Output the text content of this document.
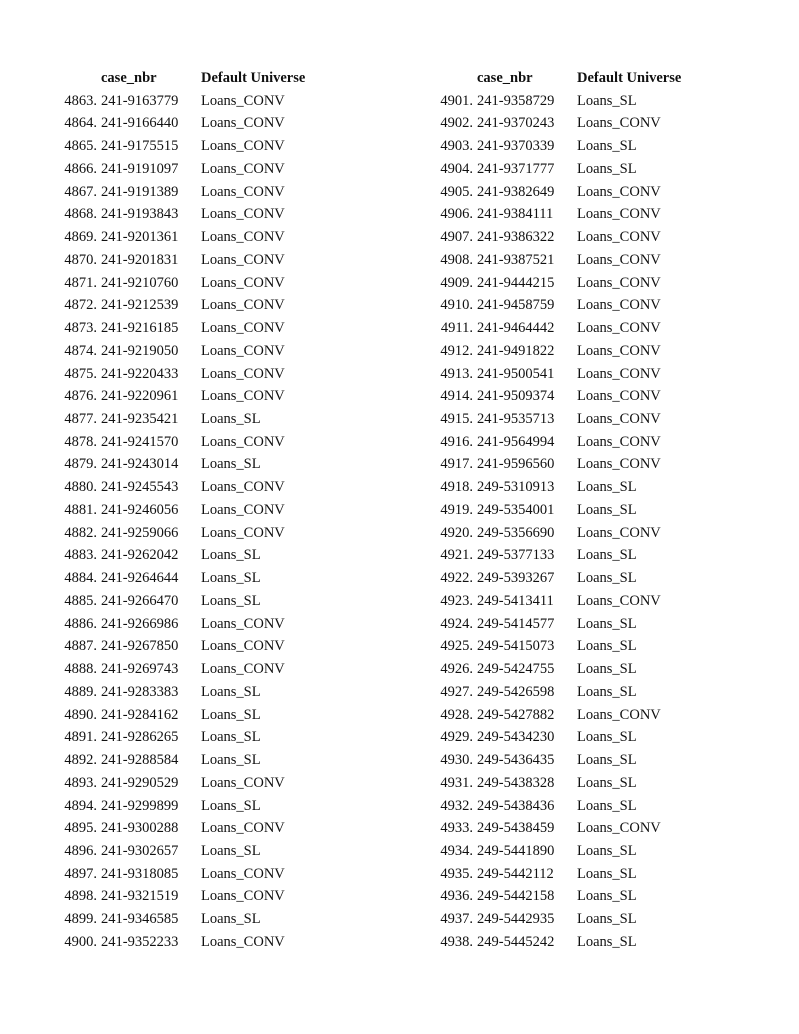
case_nbr	Default Universe
4863. 241-9163779 Loans_CONV
4864. 241-9166440 Loans_CONV
4865. 241-9175515 Loans_CONV
4866. 241-9191097 Loans_CONV
4867. 241-9191389 Loans_CONV
4868. 241-9193843 Loans_CONV
4869. 241-9201361 Loans_CONV
4870. 241-9201831 Loans_CONV
4871. 241-9210760 Loans_CONV
4872. 241-9212539 Loans_CONV
4873. 241-9216185 Loans_CONV
4874. 241-9219050 Loans_CONV
4875. 241-9220433 Loans_CONV
4876. 241-9220961 Loans_CONV
4877. 241-9235421 Loans_SL
4878. 241-9241570 Loans_CONV
4879. 241-9243014 Loans_SL
4880. 241-9245543 Loans_CONV
4881. 241-9246056 Loans_CONV
4882. 241-9259066 Loans_CONV
4883. 241-9262042 Loans_SL
4884. 241-9264644 Loans_SL
4885. 241-9266470 Loans_SL
4886. 241-9266986 Loans_CONV
4887. 241-9267850 Loans_CONV
4888. 241-9269743 Loans_CONV
4889. 241-9283383 Loans_SL
4890. 241-9284162 Loans_SL
4891. 241-9286265 Loans_SL
4892. 241-9288584 Loans_SL
4893. 241-9290529 Loans_CONV
4894. 241-9299899 Loans_SL
4895. 241-9300288 Loans_CONV
4896. 241-9302657 Loans_SL
4897. 241-9318085 Loans_CONV
4898. 241-9321519 Loans_CONV
4899. 241-9346585 Loans_SL
4900. 241-9352233 Loans_CONV
case_nbr	Default Universe
4901. 241-9358729 Loans_SL
4902. 241-9370243 Loans_CONV
4903. 241-9370339 Loans_SL
4904. 241-9371777 Loans_SL
4905. 241-9382649 Loans_CONV
4906. 241-9384111 Loans_CONV
4907. 241-9386322 Loans_CONV
4908. 241-9387521 Loans_CONV
4909. 241-9444215 Loans_CONV
4910. 241-9458759 Loans_CONV
4911. 241-9464442 Loans_CONV
4912. 241-9491822 Loans_CONV
4913. 241-9500541 Loans_CONV
4914. 241-9509374 Loans_CONV
4915. 241-9535713 Loans_CONV
4916. 241-9564994 Loans_CONV
4917. 241-9596560 Loans_CONV
4918. 249-5310913 Loans_SL
4919. 249-5354001 Loans_SL
4920. 249-5356690 Loans_CONV
4921. 249-5377133 Loans_SL
4922. 249-5393267 Loans_SL
4923. 249-5413411 Loans_CONV
4924. 249-5414577 Loans_SL
4925. 249-5415073 Loans_SL
4926. 249-5424755 Loans_SL
4927. 249-5426598 Loans_SL
4928. 249-5427882 Loans_CONV
4929. 249-5434230 Loans_SL
4930. 249-5436435 Loans_SL
4931. 249-5438328 Loans_SL
4932. 249-5438436 Loans_SL
4933. 249-5438459 Loans_CONV
4934. 249-5441890 Loans_SL
4935. 249-5442112 Loans_SL
4936. 249-5442158 Loans_SL
4937. 249-5442935 Loans_SL
4938. 249-5445242 Loans_SL
